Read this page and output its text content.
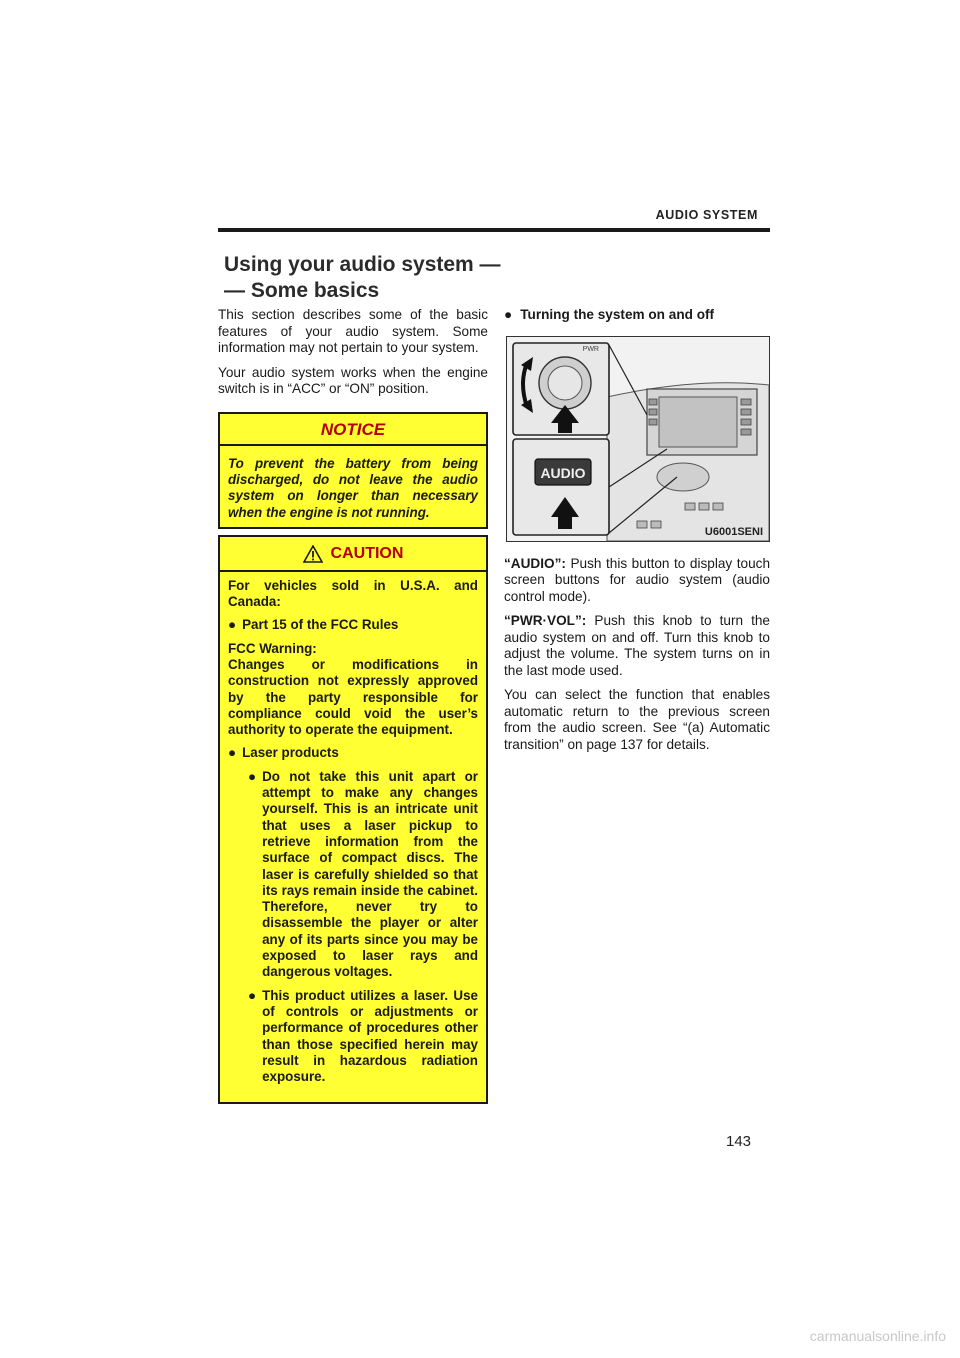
AUDIO SYSTEM
Using your audio system —
— Some basics

This section describes some of the basic features of your audio system. Some information may not pertain to your system.

Your audio system works when the engine switch is in “ACC” or “ON” position.

NOTICE
To prevent the battery from being discharged, do not leave the audio system on longer than necessary when the engine is not running.
CAUTION

For vehicles sold in U.S.A. and Canada:

● Part 15 of the FCC Rules

FCC Warning:
Changes or modifications in construction not expressly approved by the party responsible for compliance could void the user’s authority to operate the equipment.

● Laser products
● Do not take this unit apart or attempt to make any changes yourself. This is an intricate unit that uses a laser pickup to retrieve information from the surface of compact discs. The laser is carefully shielded so that its rays remain inside the cabinet. Therefore, never try to disassemble the player or alter any of its parts since you may be exposed to laser rays and dangerous voltages.
● This product utilizes a laser. Use of controls or adjustments or performance of procedures other than those specified herein may result in hazardous radiation exposure.
● Turning the system on and off
AUDIO
PWR
U6001SENI

“AUDIO”: Push this button to display touch screen buttons for audio system (audio control mode).

“PWR·VOL”: Push this knob to turn the audio system on and off. Turn this knob to adjust the volume. The system turns on in the last mode used.

You can select the function that enables automatic return to the previous screen from the audio screen. See “(a) Automatic transition” on page 137 for details.

143
carmanualsonline.info
